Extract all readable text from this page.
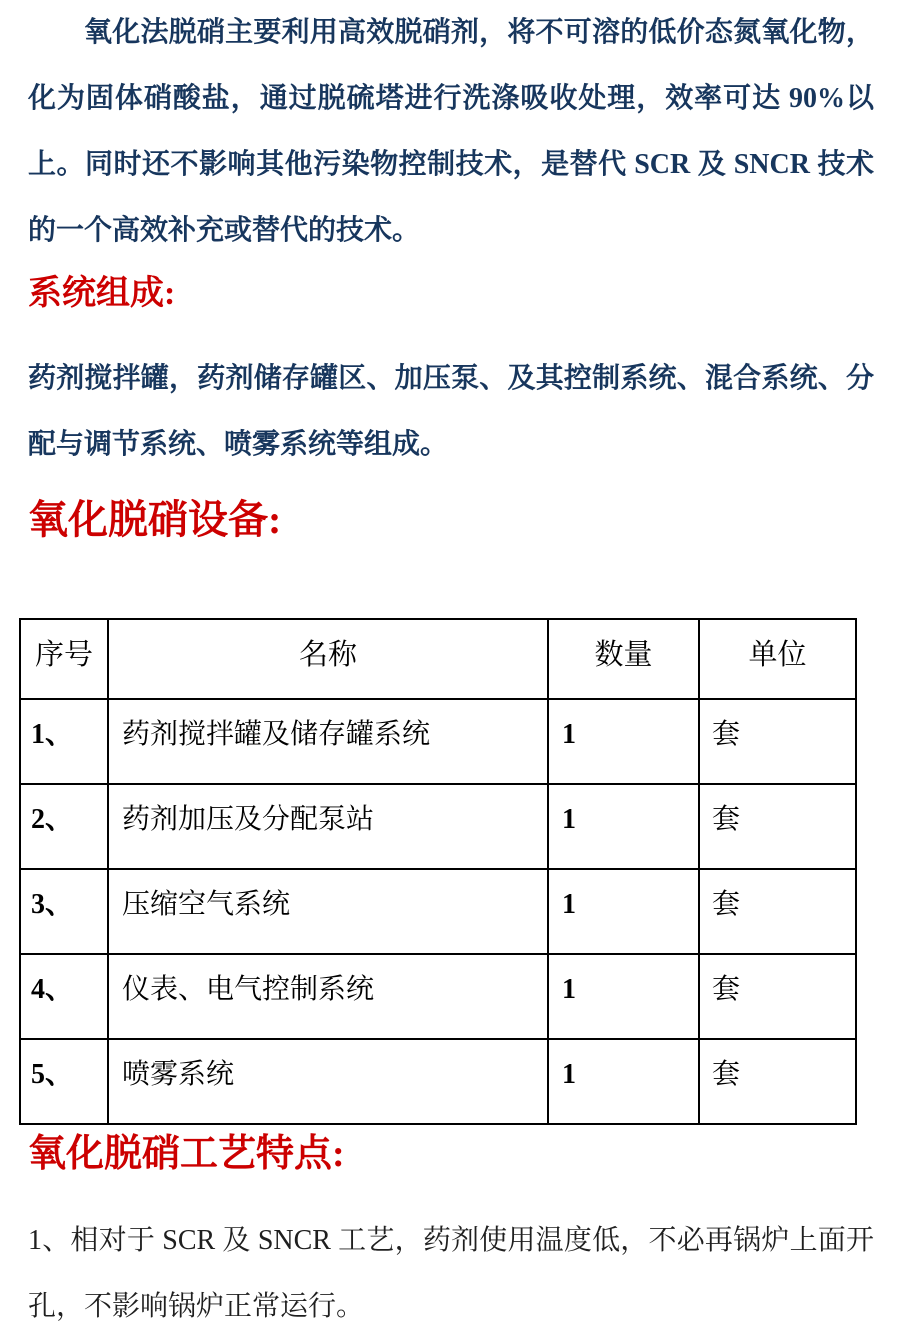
氧化法脱硝主要利用高效脱硝剂，将不可溶的低价态氮氧化物，化为固体硝酸盐，通过脱硫塔进行洗涤吸收处理，效率可达 90%以上。同时还不影响其他污染物控制技术，是替代 SCR 及 SNCR 技术的一个高效补充或替代的技术。

系统组成:

药剂搅拌罐，药剂储存罐区、加压泵、及其控制系统、混合系统、分配与调节系统、喷雾系统等组成。

氧化脱硝设备:
序号	名称	数量	单位
1、	药剂搅拌罐及储存罐系统	1	套
2、	药剂加压及分配泵站	1	套
3、	压缩空气系统	1	套
4、	仪表、电气控制系统	1	套
5、	喷雾系统	1	套
氧化脱硝工艺特点:

1、相对于 SCR 及 SNCR 工艺，药剂使用温度低，不必再锅炉上面开孔，不影响锅炉正常运行。
